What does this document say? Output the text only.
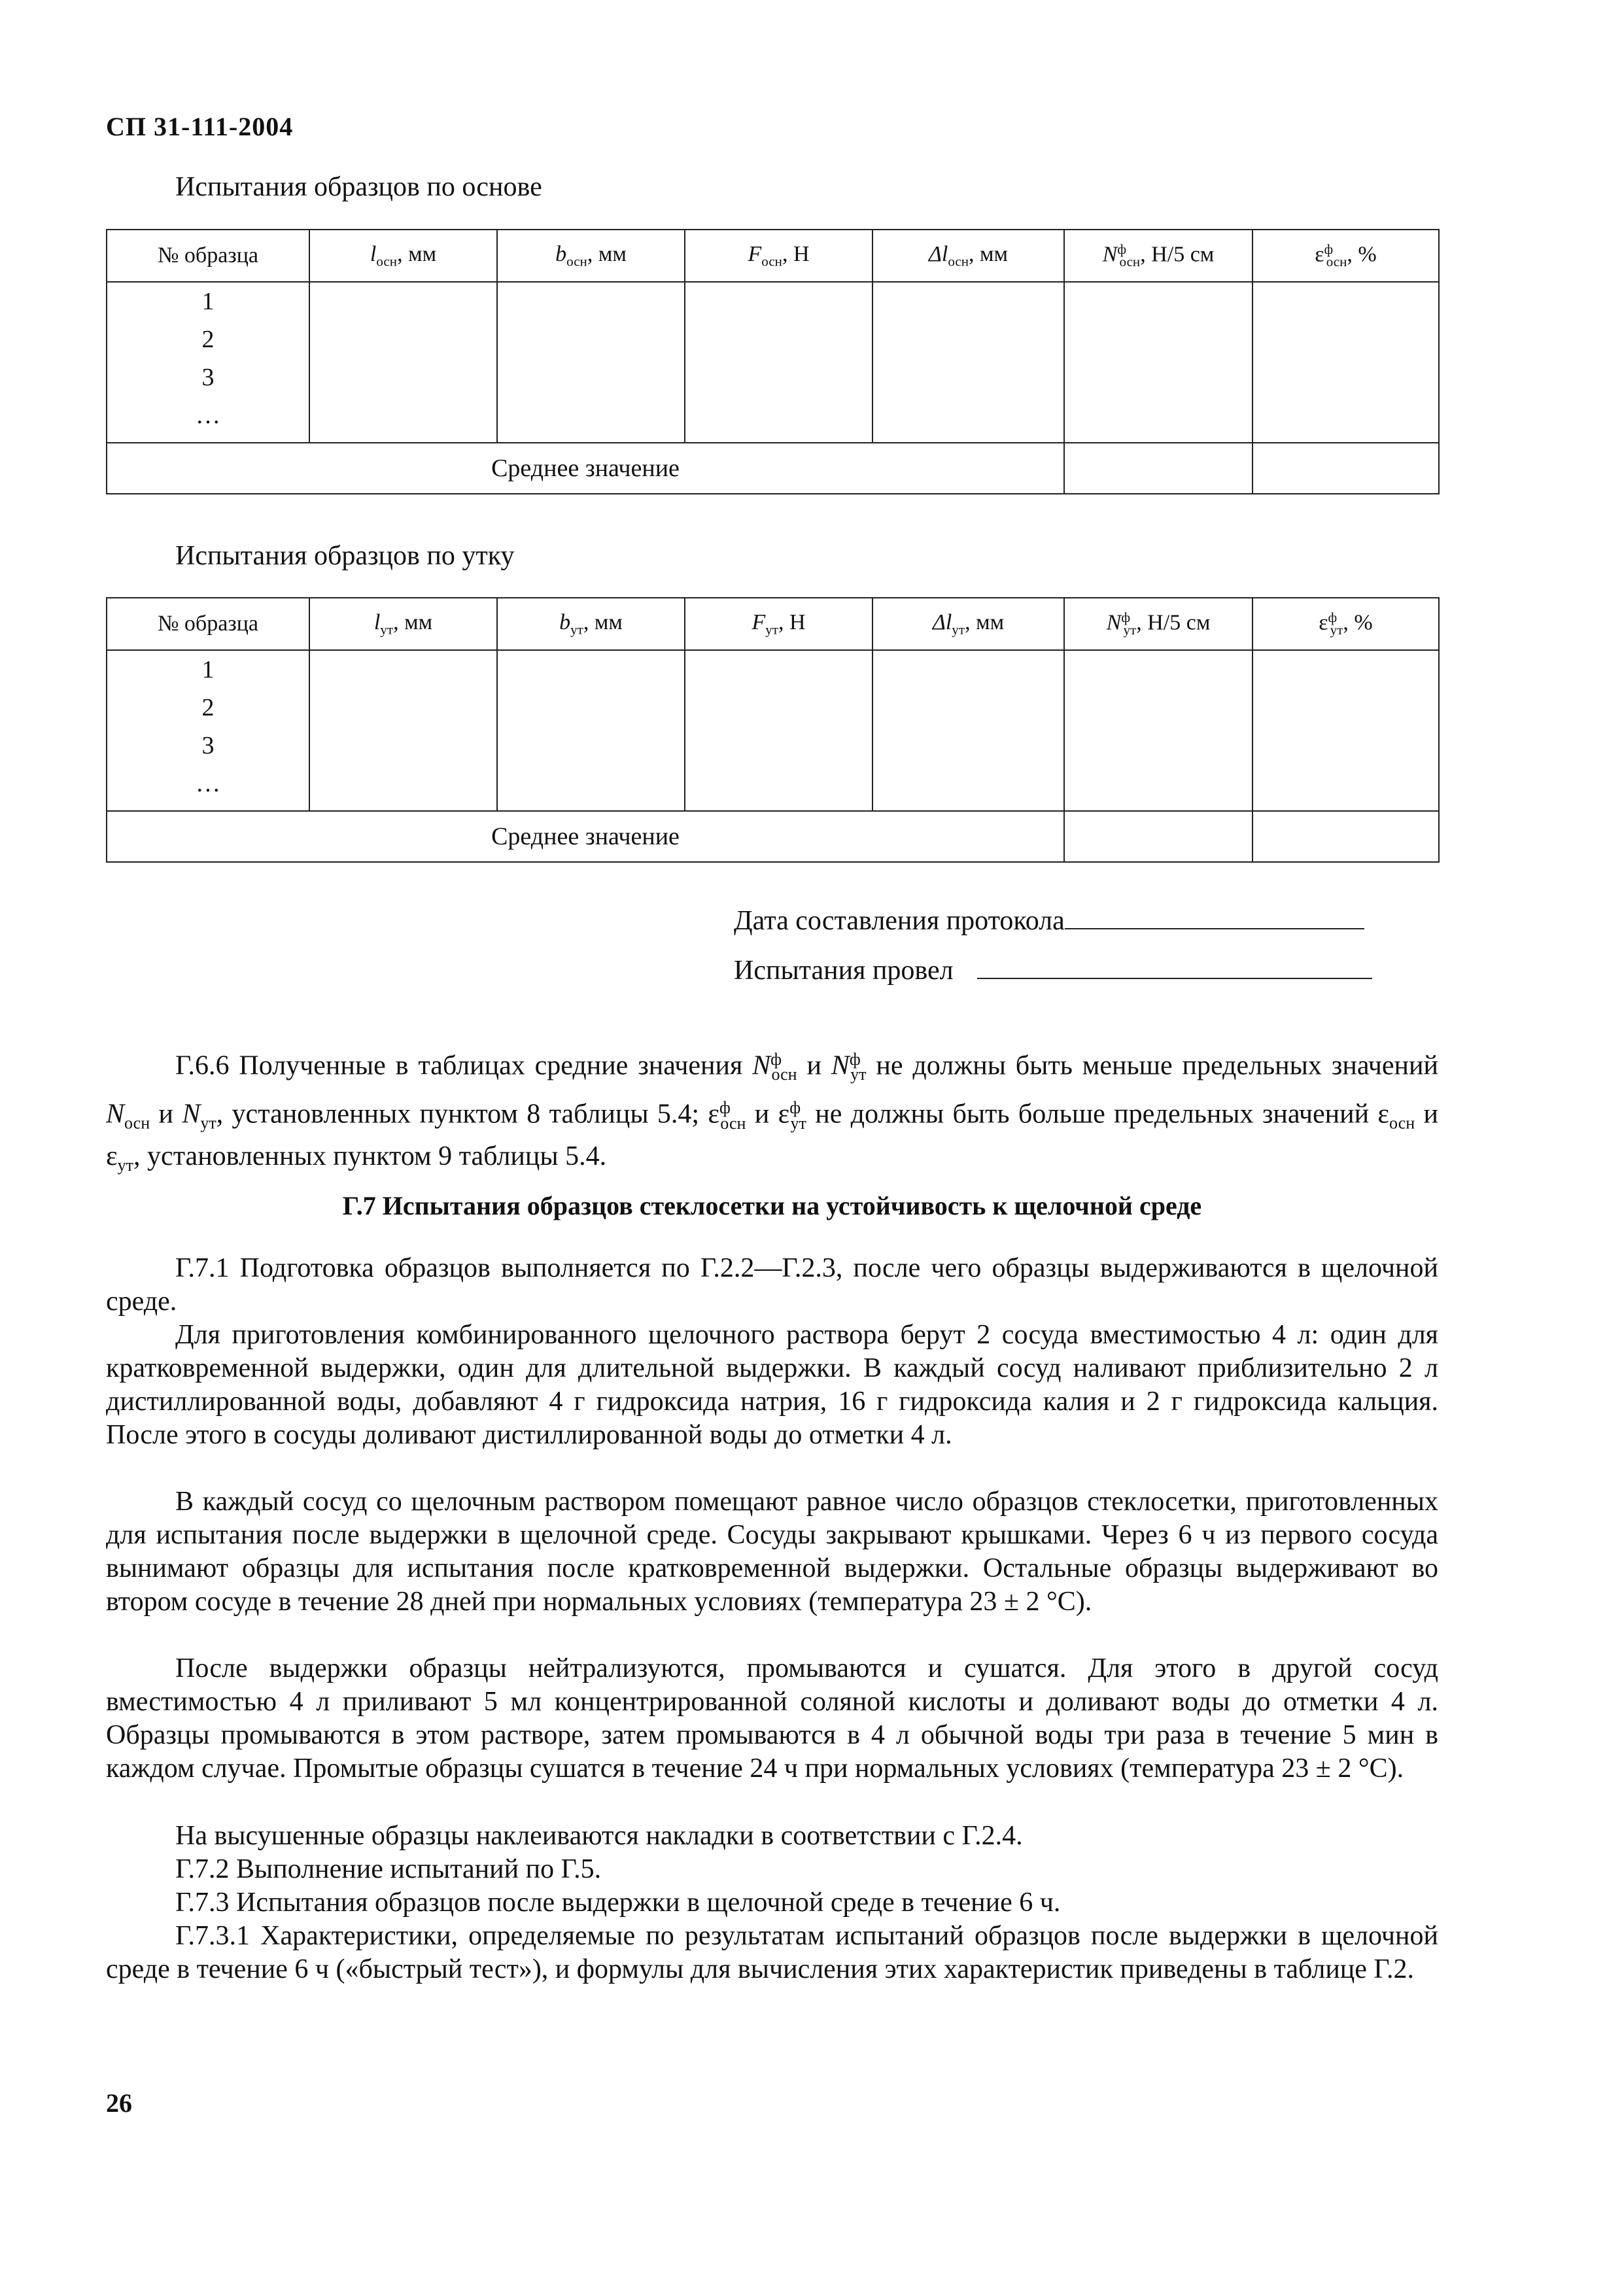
СП 31-111-2004
Испытания образцов по основе
№ образца	$l_{осн}$, мм	$b_{осн}$, мм	$F_{осн}$, Н	$\Delta l_{осн}$, мм	$N^ф_{осн}$, Н/5 см	$\varepsilon^ф_{осн}$, %

1
2
3
…						

Среднее значение						
Испытания образцов по утку
№ образца	$l_{ут}$, мм	$b_{ут}$, мм	$F_{ут}$, Н	$\Delta l_{ут}$, мм	$N^ф_{ут}$, Н/5 см	$\varepsilon^ф_{ут}$, %

1
2
3
…						

Среднее значение						
Дата составления протокола
Испытания провел
Г.6.6 Полученные в таблицах средние значения $N^ф_{осн}$ и $N^ф_{ут}$ не должны быть меньше предельных значений $N_{осн}$ и $N_{ут}$, установленных пунктом 8 таблицы 5.4; $\varepsilon^ф_{осн}$ и $\varepsilon^ф_{ут}$ не должны быть больше предельных значений $\varepsilon_{осн}$ и $\varepsilon_{ут}$, установленных пунктом 9 таблицы 5.4.
Г.7 Испытания образцов стеклосетки на устойчивость к щелочной среде
Г.7.1 Подготовка образцов выполняется по Г.2.2—Г.2.3, после чего образцы выдерживаются в щелочной среде.
Для приготовления комбинированного щелочного раствора берут 2 сосуда вместимостью 4 л: один для кратковременной выдержки, один для длительной выдержки. В каждый сосуд наливают приблизительно 2 л дистиллированной воды, добавляют 4 г гидроксида натрия, 16 г гидроксида калия и 2 г гидроксида кальция. После этого в сосуды доливают дистиллированной воды до отметки 4 л.
В каждый сосуд со щелочным раствором помещают равное число образцов стеклосетки, приготовленных для испытания после выдержки в щелочной среде. Сосуды закрывают крышками. Через 6 ч из первого сосуда вынимают образцы для испытания после кратковременной выдержки. Остальные образцы выдерживают во втором сосуде в течение 28 дней при нормальных условиях (температура 23 ± 2 °С).
После выдержки образцы нейтрализуются, промываются и сушатся. Для этого в другой сосуд вместимостью 4 л приливают 5 мл концентрированной соляной кислоты и доливают воды до отметки 4 л. Образцы промываются в этом растворе, затем промываются в 4 л обычной воды три раза в течение 5 мин в каждом случае. Промытые образцы сушатся в течение 24 ч при нормальных условиях (температура 23 ± 2 °С).
На высушенные образцы наклеиваются накладки в соответствии с Г.2.4.
Г.7.2 Выполнение испытаний по Г.5.
Г.7.3 Испытания образцов после выдержки в щелочной среде в течение 6 ч.
Г.7.3.1 Характеристики, определяемые по результатам испытаний образцов после выдержки в щелочной среде в течение 6 ч («быстрый тест»), и формулы для вычисления этих характеристик приведены в таблице Г.2.
26
